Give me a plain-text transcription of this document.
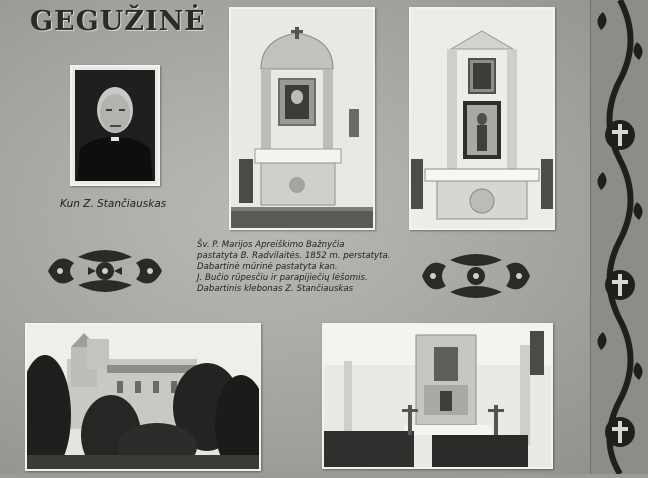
GEGUŽINĖ
Kun Z. Stančiauskas
Šv. P. Marijos Apreiškimo Bažnyčia
pastatyta B. Radvilaitės. 1852 m. perstatyta. Dabartinė mūrinė pastatyta kan.
J. Bučio rūpesčiu ir parapijiečių lėšomis.
Dabartinis klebonas Z. Stančiauskas
